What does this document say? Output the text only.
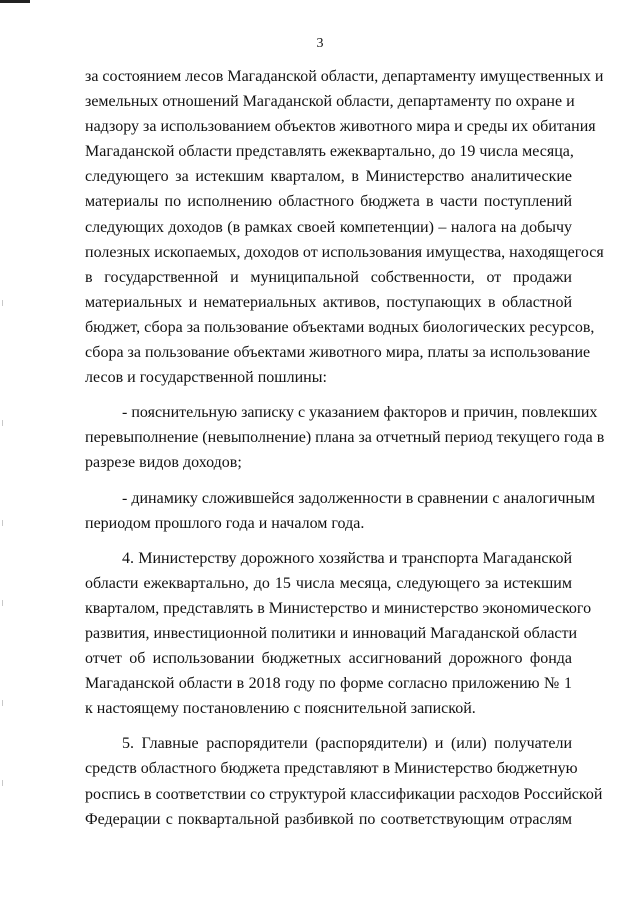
3
за состоянием лесов Магаданской области, департаменту имущественных и
земельных отношений Магаданской области, департаменту по охране и
надзору за использованием объектов животного мира и среды их обитания
Магаданской области представлять ежеквартально, до 19 числа месяца,
следующего за истекшим кварталом, в Министерство аналитические
материалы по исполнению областного бюджета в части поступлений
следующих доходов (в рамках своей компетенции) – налога на добычу
полезных ископаемых, доходов от использования имущества, находящегося
в государственной и муниципальной собственности, от продажи
материальных и нематериальных активов, поступающих в областной
бюджет, сбора за пользование объектами водных биологических ресурсов,
сбора за пользование объектами животного мира, платы за использование
лесов и государственной пошлины:
- пояснительную записку с указанием факторов и причин, повлекших
перевыполнение (невыполнение) плана за отчетный период текущего года в
разрезе видов доходов;
- динамику сложившейся задолженности в сравнении с аналогичным
периодом прошлого года и началом года.
4. Министерству дорожного хозяйства и транспорта Магаданской
области ежеквартально, до 15 числа месяца, следующего за истекшим
кварталом, представлять в Министерство и министерство экономического
развития, инвестиционной политики и инноваций Магаданской области
отчет об использовании бюджетных ассигнований дорожного фонда
Магаданской области в 2018 году по форме согласно приложению № 1
к настоящему постановлению с пояснительной запиской.
5. Главные распорядители (распорядители) и (или) получатели
средств областного бюджета представляют в Министерство бюджетную
роспись в соответствии со структурой классификации расходов Российской
Федерации с поквартальной разбивкой по соответствующим отраслям
